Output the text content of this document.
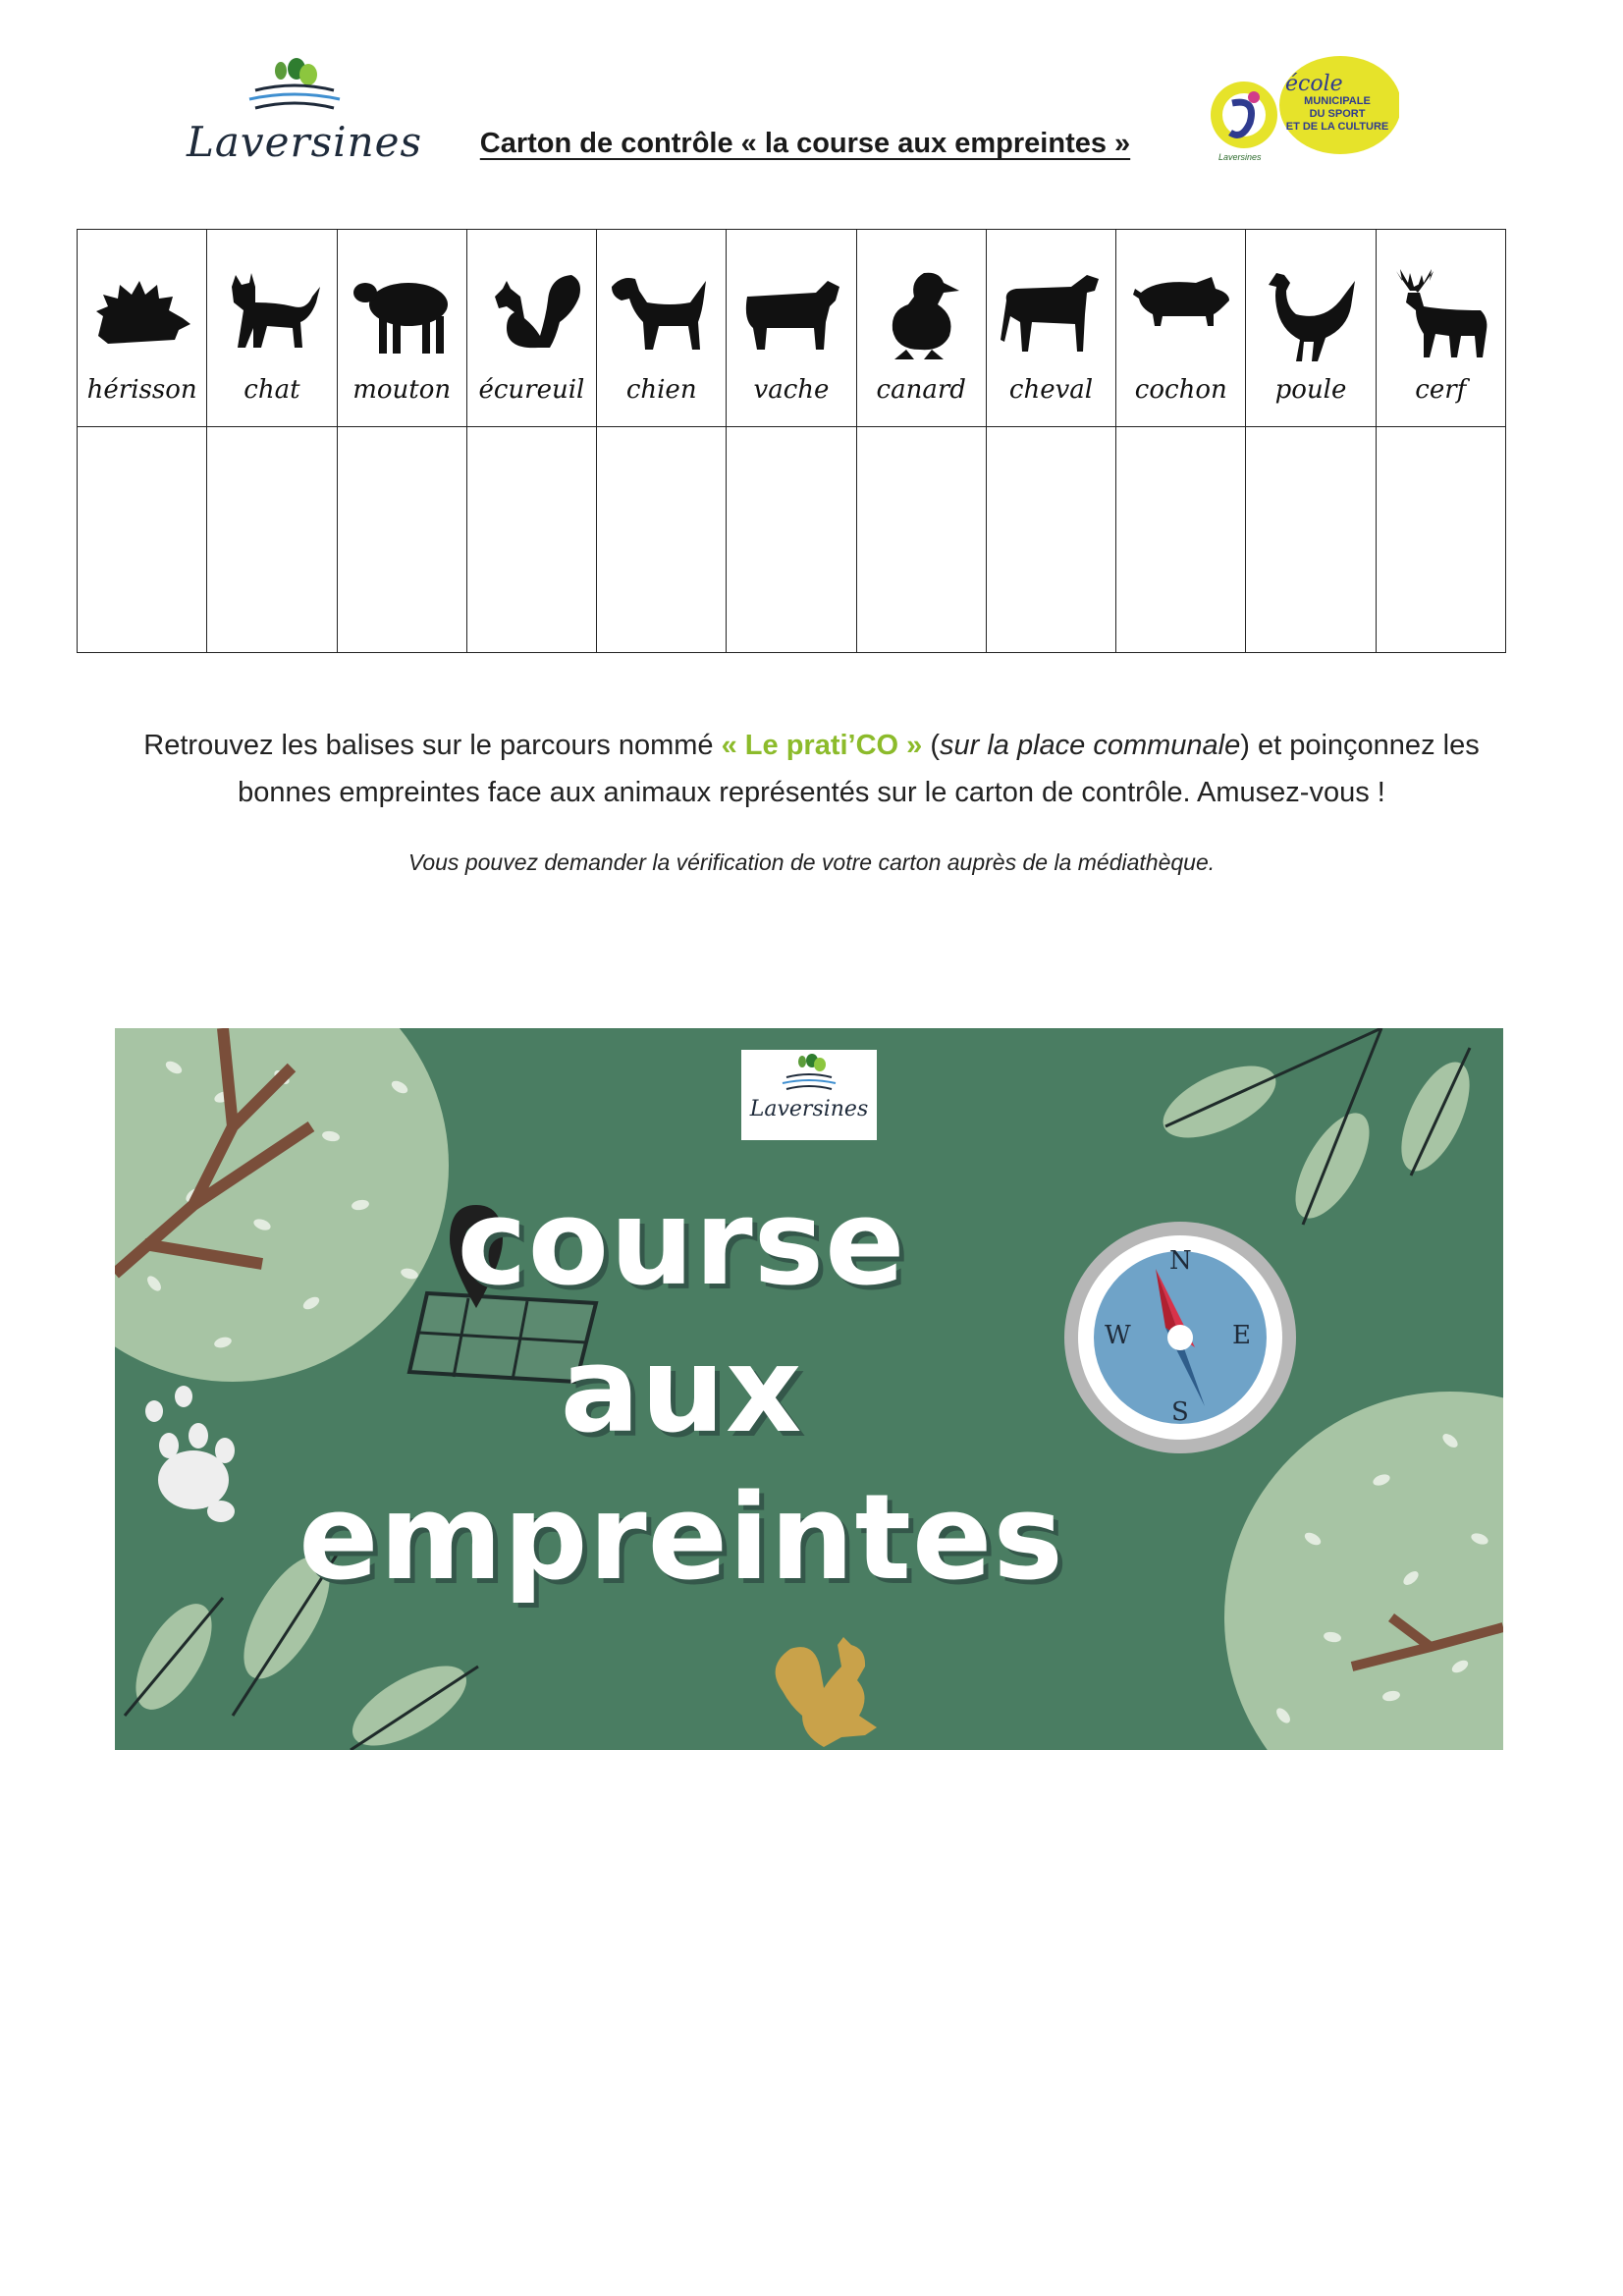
Laversines	Carton de contrôle « la course aux empreintes »
école
MUNICIPALE
DU SPORT
ET DE LA CULTURE
Laversines
hérisson	chat	mouton	écureuil	chien	vache	canard	cheval	cochon	poule	cerf
Retrouvez les balises sur le parcours nommé « Le prati’CO » (sur la place communale) et poinçonnez les bonnes empreintes face aux animaux représentés sur le carton de contrôle. Amusez-vous !
Vous pouvez demander la vérification de votre carton auprès de la médiathèque.
Laversines
course
aux
empreintes
N
E
S
W
